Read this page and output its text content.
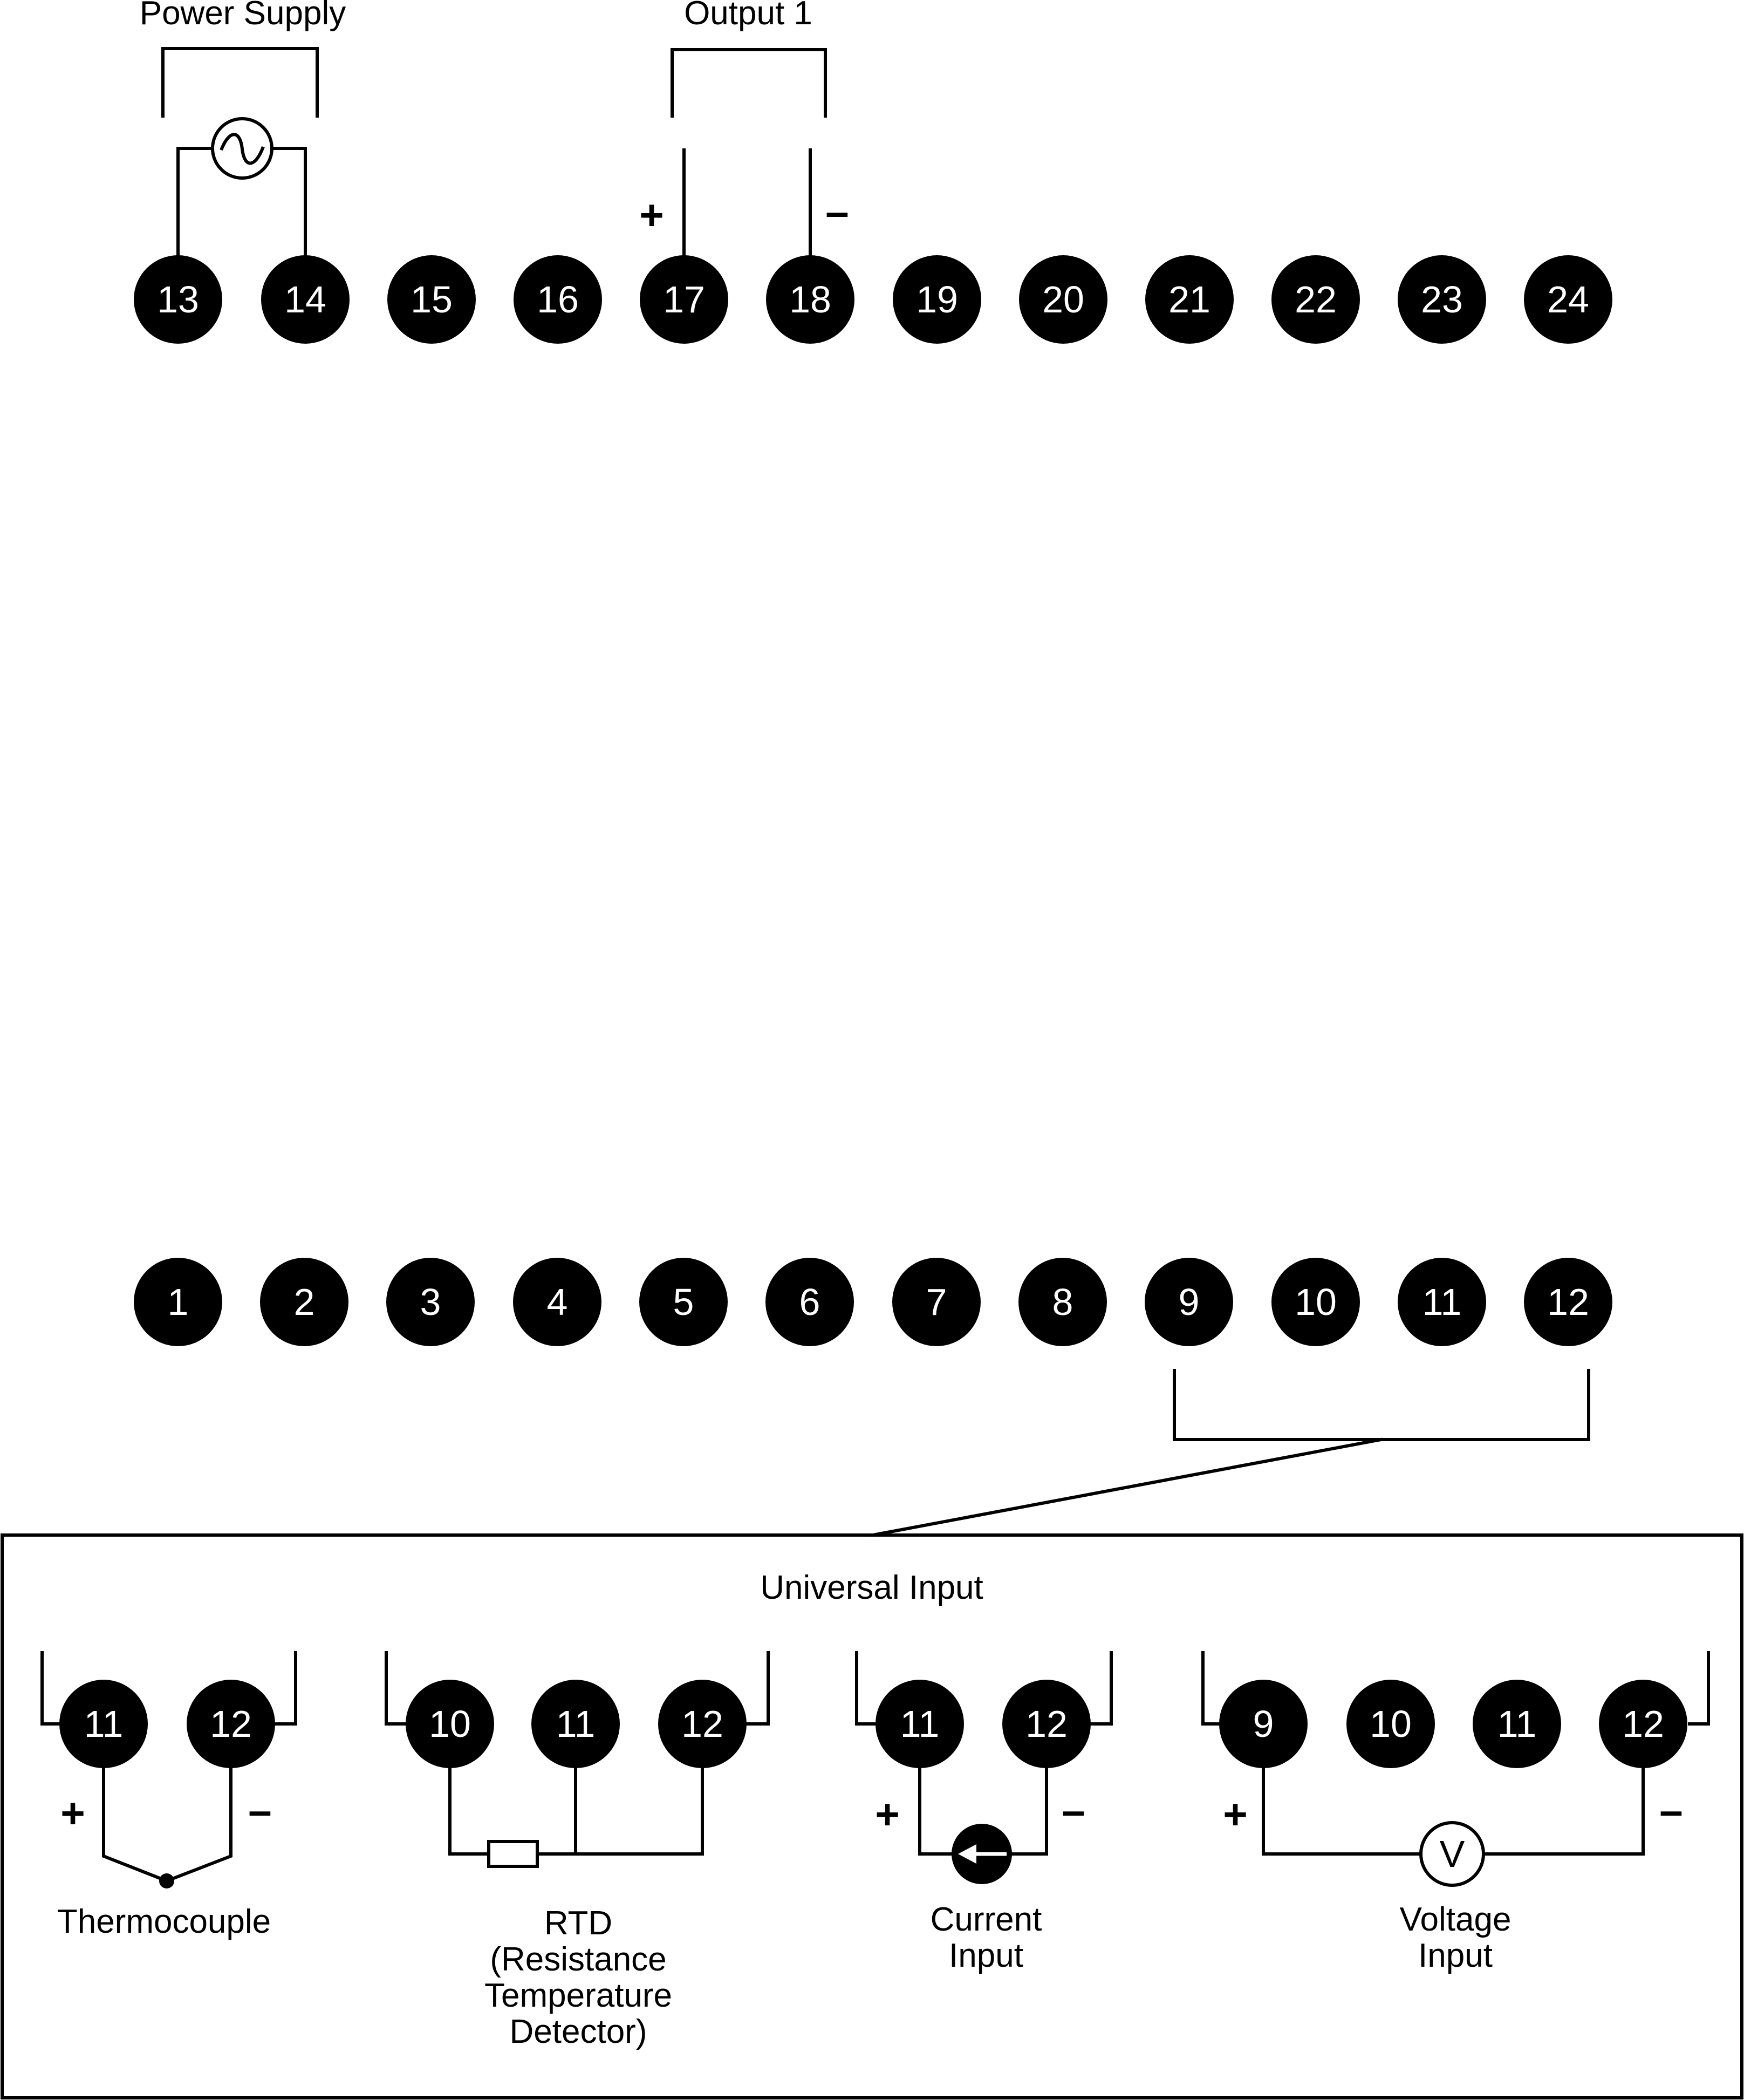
Power Supply	Output 1
+	–
13 14 15 16 17 18 19 20 21 22 23 24
1	2	3	4	5	6	7	8	9	10 11 12
Universal Input
11 12
+	–
Thermocouple
10 11 12
RTD
(Resistance
Temperature
Detector)
11 12
+	–
Current
Input
9	10 11 12
V
+	–
Voltage
Input
